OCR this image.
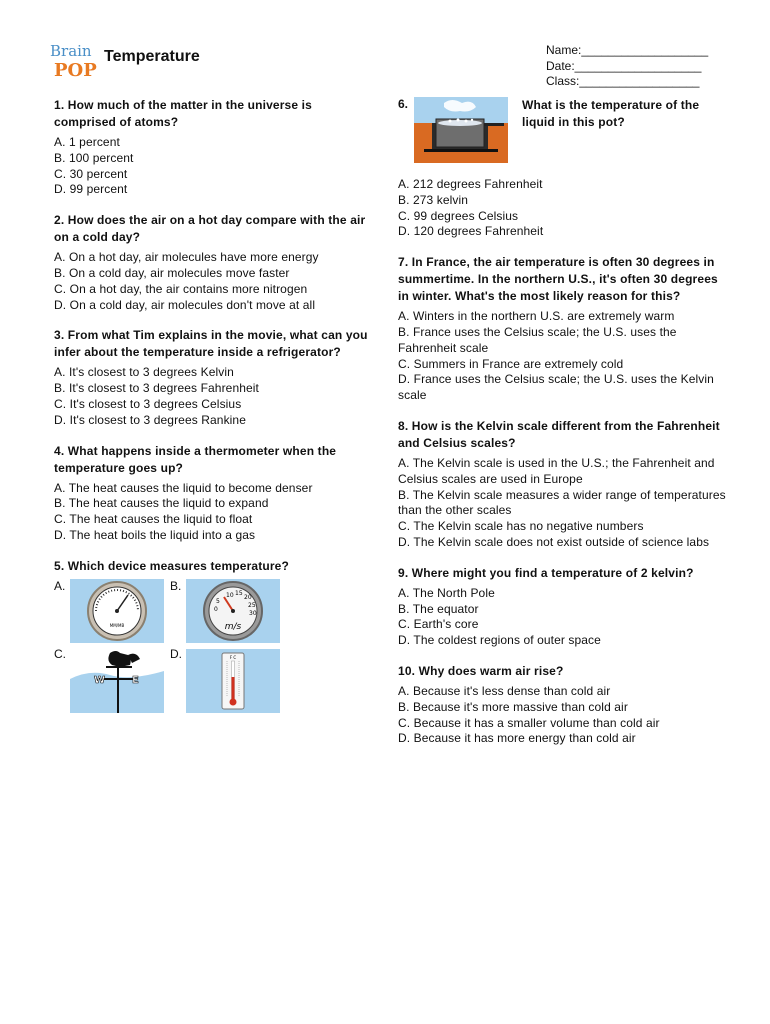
Brain
POP
Temperature	Name:___________________
Date:___________________
Class:__________________
1. How much of the matter in the universe is comprised of atoms?
A. 1 percent
B. 100 percent
C. 30 percent
D. 99 percent
2. How does the air on a hot day compare with the air on a cold day?
A. On a hot day, air molecules have more energy
B. On a cold day, air molecules move faster
C. On a hot day, the air contains more nitrogen
D. On a cold day, air molecules don't move at all
3. From what Tim explains in the movie, what can you infer about the temperature inside a refrigerator?
A. It's closest to 3 degrees Kelvin
B. It's closest to 3 degrees Fahrenheit
C. It's closest to 3 degrees Celsius
D. It's closest to 3 degrees Rankine
4. What happens inside a thermometer when the temperature goes up?
A. The heat causes the liquid to become denser
B. The heat causes the liquid to expand
C. The heat causes the liquid to float
D. The heat boils the liquid into a gas
5. Which device measures temperature?
A.	B.
C.	D.
MM/MB
10 15
20
5
25
0
30
m/s
W	E
F C
6.	What is the temperature of the liquid in this pot?
A. 212 degrees Fahrenheit
B. 273 kelvin
C. 99 degrees Celsius
D. 120 degrees Fahrenheit
7. In France, the air temperature is often 30 degrees in summertime. In the northern U.S., it's often 30 degrees in winter. What's the most likely reason for this?
A. Winters in the northern U.S. are extremely warm
B. France uses the Celsius scale; the U.S. uses the Fahrenheit scale
C. Summers in France are extremely cold
D. France uses the Celsius scale; the U.S. uses the Kelvin scale
8. How is the Kelvin scale different from the Fahrenheit and Celsius scales?
A. The Kelvin scale is used in the U.S.; the Fahrenheit and Celsius scales are used in Europe
B. The Kelvin scale measures a wider range of temperatures than the other scales
C. The Kelvin scale has no negative numbers
D. The Kelvin scale does not exist outside of science labs
9. Where might you find a temperature of 2 kelvin?
A. The North Pole
B. The equator
C. Earth's core
D. The coldest regions of outer space
10. Why does warm air rise?
A. Because it's less dense than cold air
B. Because it's more massive than cold air
C. Because it has a smaller volume than cold air
D. Because it has more energy than cold air
